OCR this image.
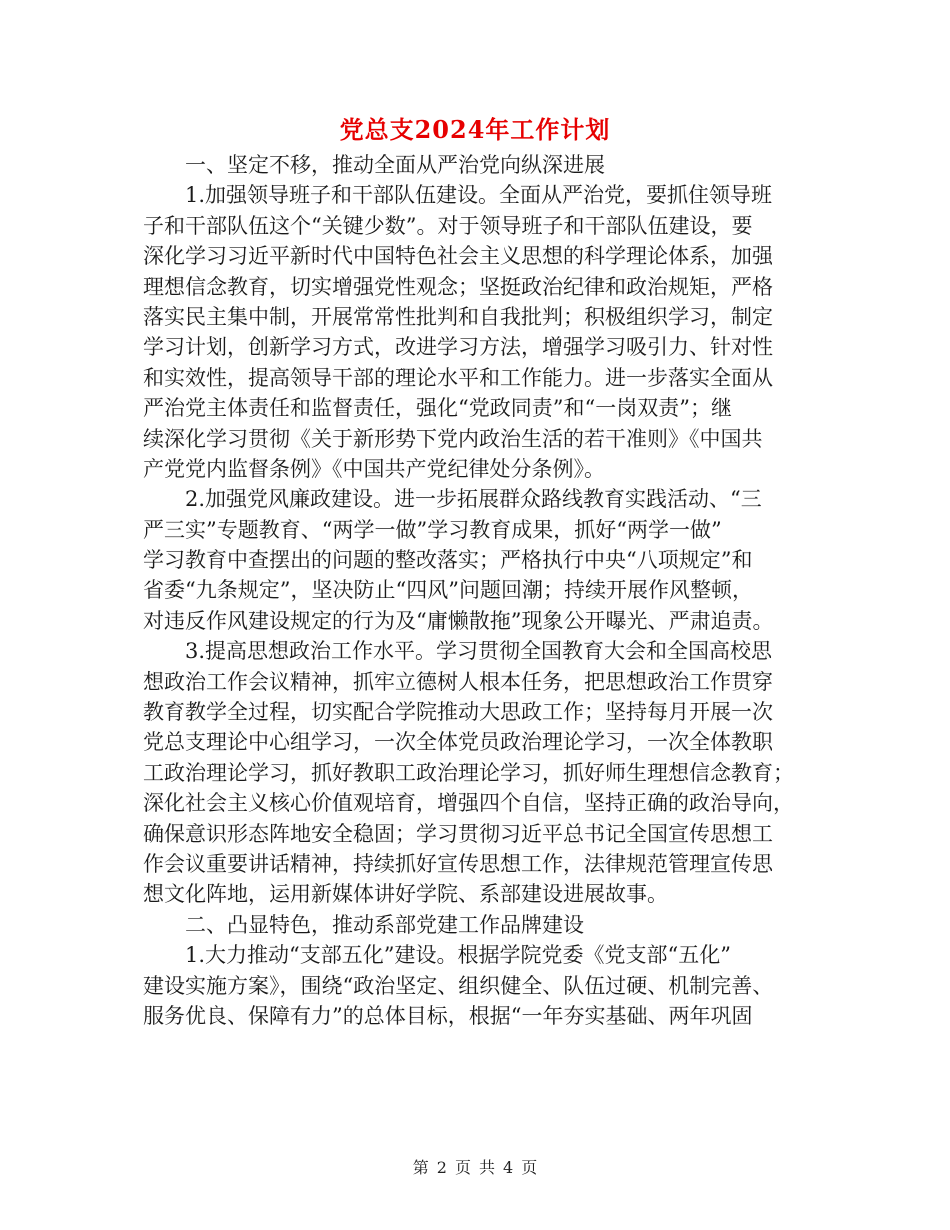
党总支2024年工作计划
一、坚定不移，推动全面从严治党向纵深进展
1.加强领导班子和干部队伍建设。全面从严治党，要抓住领导班
子和干部队伍这个“关键少数”。对于领导班子和干部队伍建设，要
深化学习习近平新时代中国特色社会主义思想的科学理论体系，加强
理想信念教育，切实增强党性观念；坚挺政治纪律和政治规矩，严格
落实民主集中制，开展常常性批判和自我批判；积极组织学习，制定
学习计划，创新学习方式，改进学习方法，增强学习吸引力、针对性
和实效性，提高领导干部的理论水平和工作能力。进一步落实全面从
严治党主体责任和监督责任，强化“党政同责”和“一岗双责”；继
续深化学习贯彻《关于新形势下党内政治生活的若干准则》《中国共
产党党内监督条例》《中国共产党纪律处分条例》。
2.加强党风廉政建设。进一步拓展群众路线教育实践活动、“三
严三实”专题教育、“两学一做”学习教育成果，抓好“两学一做”
学习教育中查摆出的问题的整改落实；严格执行中央“八项规定”和
省委“九条规定”，坚决防止“四风”问题回潮；持续开展作风整顿，
对违反作风建设规定的行为及“庸懒散拖”现象公开曝光、严肃追责。
3.提高思想政治工作水平。学习贯彻全国教育大会和全国高校思
想政治工作会议精神，抓牢立德树人根本任务，把思想政治工作贯穿
教育教学全过程，切实配合学院推动大思政工作；坚持每月开展一次
党总支理论中心组学习，一次全体党员政治理论学习，一次全体教职
工政治理论学习，抓好教职工政治理论学习，抓好师生理想信念教育；
深化社会主义核心价值观培育，增强四个自信，坚持正确的政治导向，
确保意识形态阵地安全稳固；学习贯彻习近平总书记全国宣传思想工
作会议重要讲话精神，持续抓好宣传思想工作，法律规范管理宣传思
想文化阵地，运用新媒体讲好学院、系部建设进展故事。
二、凸显特色，推动系部党建工作品牌建设
1.大力推动“支部五化”建设。根据学院党委《党支部“五化”
建设实施方案》，围绕“政治坚定、组织健全、队伍过硬、机制完善、
服务优良、保障有力”的总体目标，根据“一年夯实基础、两年巩固
第 2 页 共 4 页
